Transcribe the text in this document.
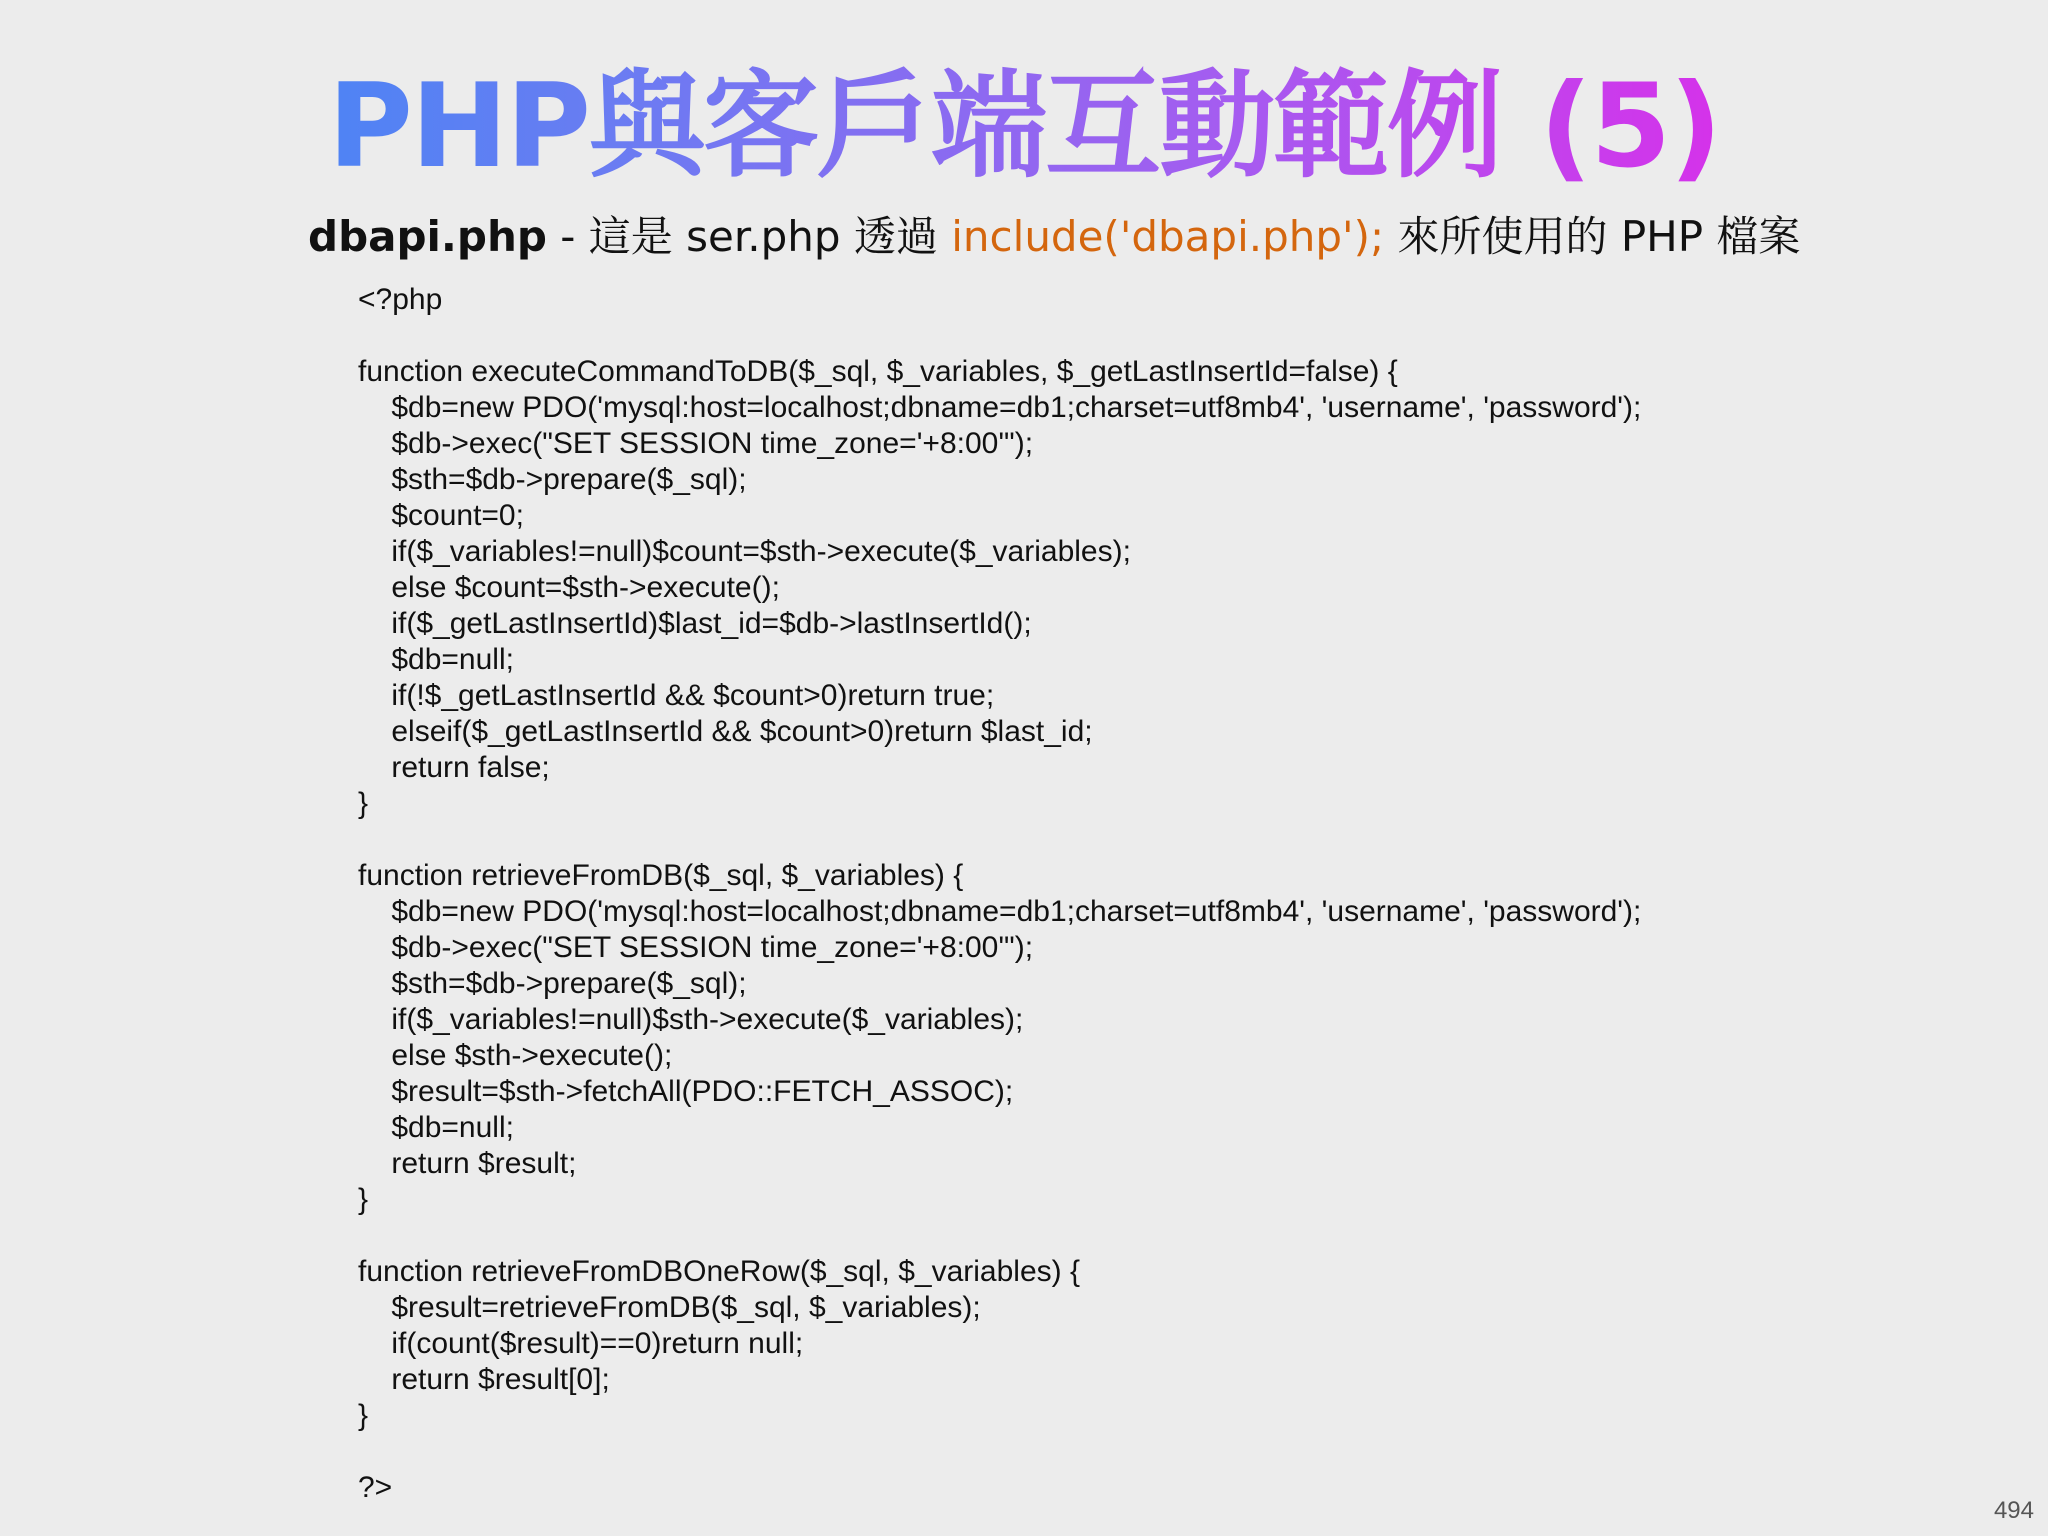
PHP與客戶端互動範例 (5)
dbapi.php - 這是 ser.php 透過 include('dbapi.php'); 來所使用的 PHP 檔案
<?php
function executeCommandToDB($_sql, $_variables, $_getLastInsertId=false) {
$db=new PDO('mysql:host=localhost;dbname=db1;charset=utf8mb4', 'username', 'password');
$db->exec("SET SESSION time_zone='+8:00'");
$sth=$db->prepare($_sql);
$count=0;
if($_variables!=null)$count=$sth->execute($_variables);
else $count=$sth->execute();
if($_getLastInsertId)$last_id=$db->lastInsertId();
$db=null;
if(!$_getLastInsertId && $count>0)return true;
elseif($_getLastInsertId && $count>0)return $last_id;
return false;
}
function retrieveFromDB($_sql, $_variables) {
$db=new PDO('mysql:host=localhost;dbname=db1;charset=utf8mb4', 'username', 'password');
$db->exec("SET SESSION time_zone='+8:00'");
$sth=$db->prepare($_sql);
if($_variables!=null)$sth->execute($_variables);
else $sth->execute();
$result=$sth->fetchAll(PDO::FETCH_ASSOC);
$db=null;
return $result;
}
function retrieveFromDBOneRow($_sql, $_variables) {
$result=retrieveFromDB($_sql, $_variables);
if(count($result)==0)return null;
return $result[0];
}
?>
494
